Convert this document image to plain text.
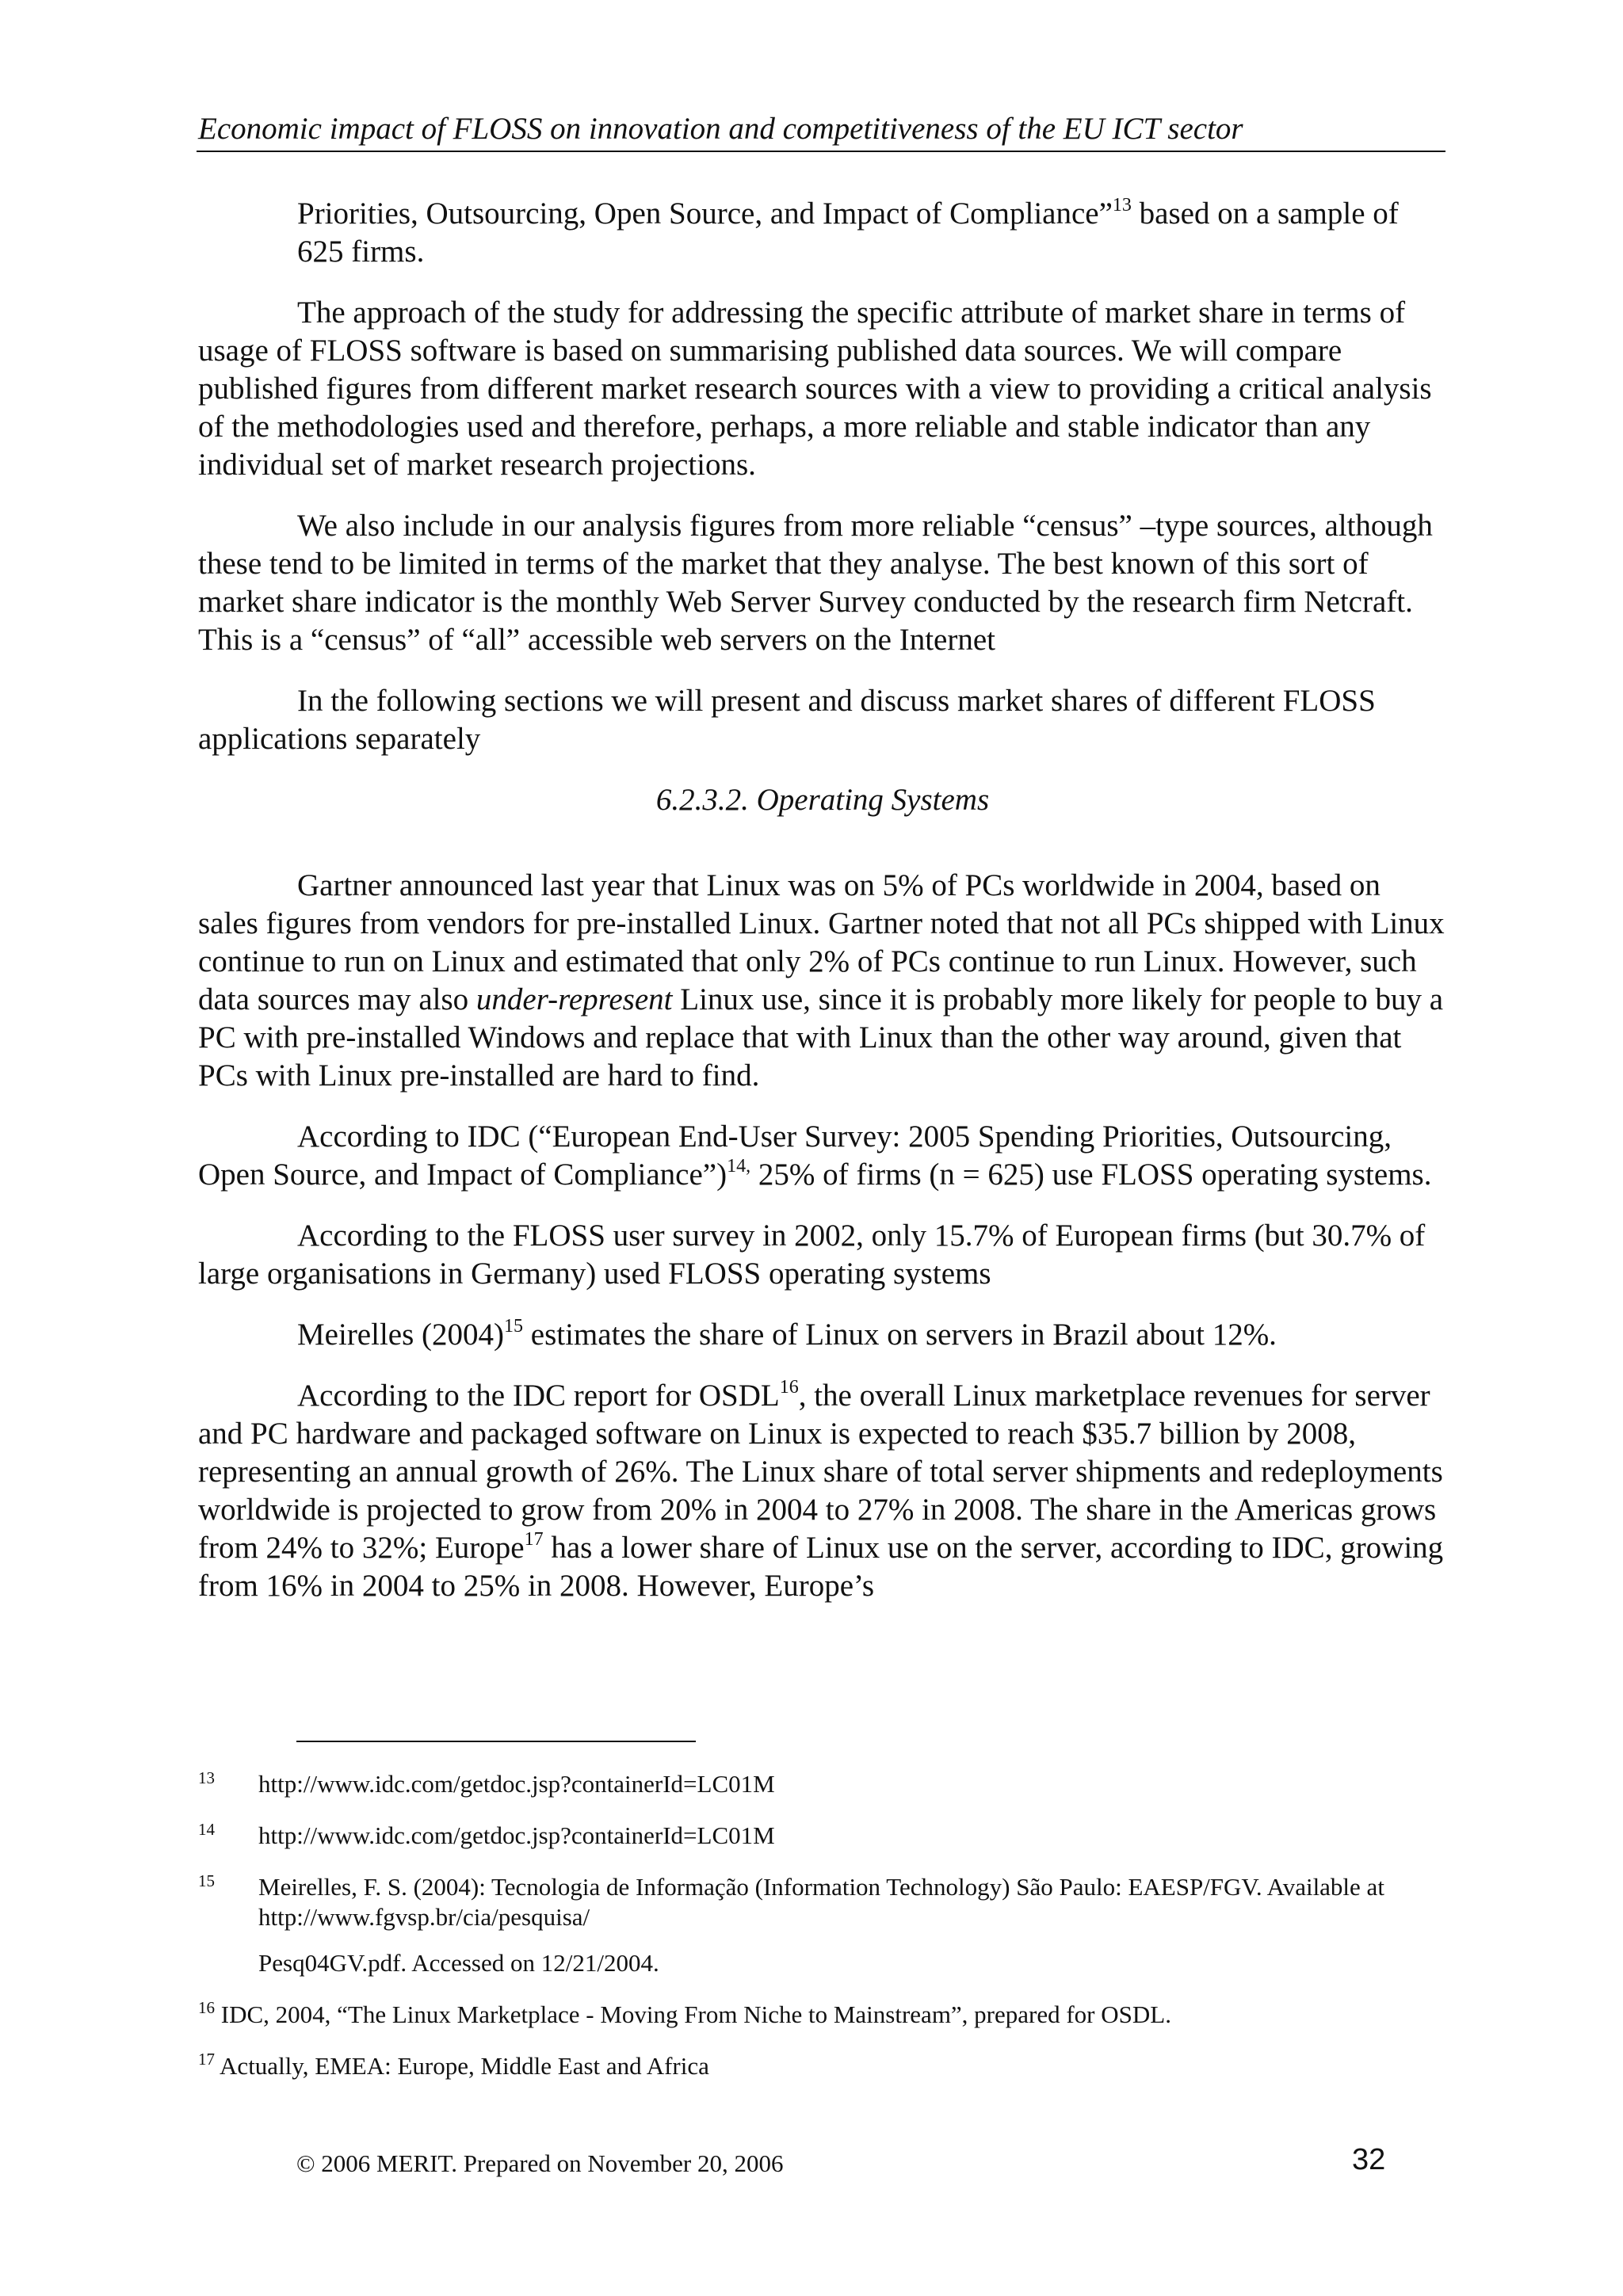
Economic impact of FLOSS on innovation and competitiveness of the EU ICT sector

Priorities, Outsourcing, Open Source, and Impact of Compliance”$^{13}$ based on a sample of 625 firms.

The approach of the study for addressing the specific attribute of market share in terms of usage of FLOSS software is based on summarising published data sources. We will compare published figures from different market research sources with a view to providing a critical analysis of the methodologies used and therefore, perhaps, a more reliable and stable indicator than any individual set of market research projections.

We also include in our analysis figures from more reliable “census” –type sources, although these tend to be limited in terms of the market that they analyse. The best known of this sort of market share indicator is the monthly Web Server Survey conducted by the research firm Netcraft. This is a “census” of “all” accessible web servers on the Internet

In the following sections we will present and discuss market shares of different FLOSS applications separately

6.2.3.2. Operating Systems

Gartner announced last year that Linux was on 5% of PCs worldwide in 2004, based on sales figures from vendors for pre-installed Linux. Gartner noted that not all PCs shipped with Linux continue to run on Linux and estimated that only 2% of PCs continue to run Linux. However, such data sources may also under-represent Linux use, since it is probably more likely for people to buy a PC with pre-installed Windows and replace that with Linux than the other way around, given that PCs with Linux pre-installed are hard to find.

According to IDC (“European End-User Survey: 2005 Spending Priorities, Outsourcing, Open Source, and Impact of Compliance”)$^{14,}$ 25% of firms (n = 625) use FLOSS operating systems.

According to the FLOSS user survey in 2002, only 15.7% of European firms (but 30.7% of large organisations in Germany) used FLOSS operating systems

Meirelles $(2004)^{15}$ estimates the share of Linux on servers in Brazil about 12%.

According to the IDC report for OSDL$^{16}$, the overall Linux marketplace revenues for server and PC hardware and packaged software on Linux is expected to reach $35.7 billion by 2008, representing an annual growth of 26%. The Linux share of total server shipments and redeployments worldwide is projected to grow from 20% in 2004 to 27% in 2008. The share in the Americas grows from 24% to 32%; Europe$^{17}$ has a lower share of Linux use on the server, according to IDC, growing from 16% in 2004 to 25% in 2008. However, Europe’s

13	http://www.idc.com/getdoc.jsp?containerId=LC01M
14	http://www.idc.com/getdoc.jsp?containerId=LC01M
15	Meirelles, F. S. (2004): Tecnologia de Informação (Information Technology) São Paulo: EAESP/FGV. Available at http://www.fgvsp.br/cia/pesquisa/
Pesq04GV.pdf. Accessed on 12/21/2004.
$^{16}$ IDC, 2004, “The Linux Marketplace - Moving From Niche to Mainstream”, prepared for OSDL.
$^{17}$ Actually, EMEA: Europe, Middle East and Africa
© 2006 MERIT. Prepared on November 20, 2006	32
